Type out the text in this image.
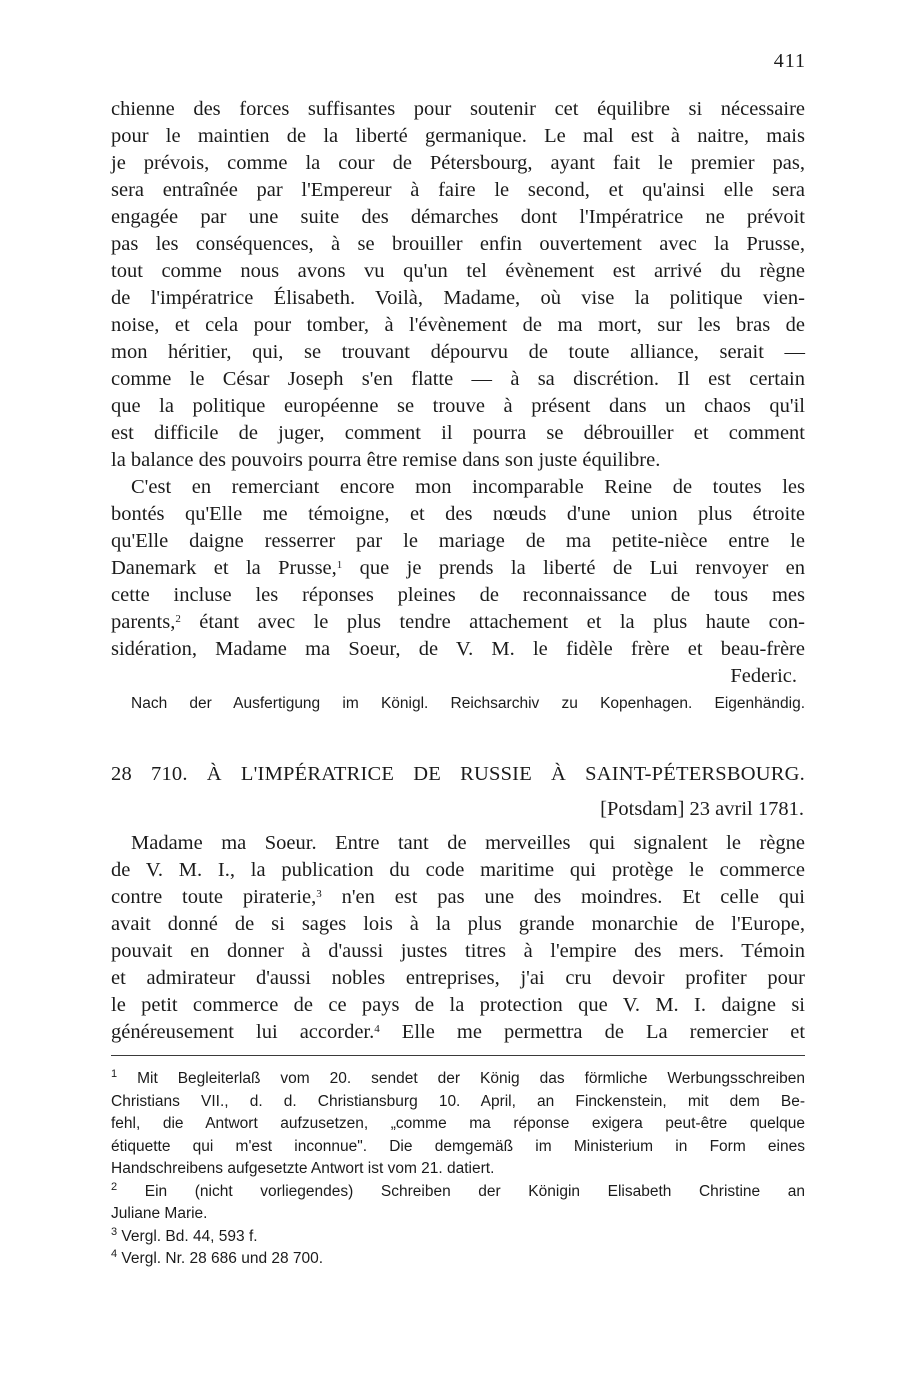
411
chienne des forces suffisantes pour soutenir cet équilibre si nécessaire
pour le maintien de la liberté germanique. Le mal est à naitre, mais
je prévois, comme la cour de Pétersbourg, ayant fait le premier pas,
sera entraînée par l'Empereur à faire le second, et qu'ainsi elle sera
engagée par une suite des démarches dont l'Impératrice ne prévoit
pas les conséquences, à se brouiller enfin ouvertement avec la Prusse,
tout comme nous avons vu qu'un tel évènement est arrivé du règne
de l'impératrice Élisabeth. Voilà, Madame, où vise la politique vien-
noise, et cela pour tomber, à l'évènement de ma mort, sur les bras de
mon héritier, qui, se trouvant dépourvu de toute alliance, serait —
comme le César Joseph s'en flatte — à sa discrétion. Il est certain
que la politique européenne se trouve à présent dans un chaos qu'il
est difficile de juger, comment il pourra se débrouiller et comment
la balance des pouvoirs pourra être remise dans son juste équilibre.
C'est en remerciant encore mon incomparable Reine de toutes les
bontés qu'Elle me témoigne, et des nœuds d'une union plus étroite
qu'Elle daigne resserrer par le mariage de ma petite-nièce entre le
Danemark et la Prusse,$^1$ que je prends la liberté de Lui renvoyer en
cette incluse les réponses pleines de reconnaissance de tous mes
parents,$^2$ étant avec le plus tendre attachement et la plus haute con-
sidération, Madame ma Soeur, de V. M. le fidèle frère et beau-frère
Federic.
Nach der Ausfertigung im Königl. Reichsarchiv zu Kopenhagen. Eigenhändig.
28 710. À L'IMPÉRATRICE DE RUSSIE À SAINT-PÉTERSBOURG.
[Potsdam] 23 avril 1781.
Madame ma Soeur. Entre tant de merveilles qui signalent le règne
de V. M. I., la publication du code maritime qui protège le commerce
contre toute piraterie,$^3$ n'en est pas une des moindres. Et celle qui
avait donné de si sages lois à la plus grande monarchie de l'Europe,
pouvait en donner à d'aussi justes titres à l'empire des mers. Témoin
et admirateur d'aussi nobles entreprises, j'ai cru devoir profiter pour
le petit commerce de ce pays de la protection que V. M. I. daigne si
généreusement lui accorder.$^4$ Elle me permettra de La remercier et
$^1$ Mit Begleiterlaß vom 20. sendet der König das förmliche Werbungsschreiben
Christians VII., d. d. Christiansburg 10. April, an Finckenstein, mit dem Be-
fehl, die Antwort aufzusetzen, „comme ma réponse exigera peut-être quelque
étiquette qui m'est inconnue". Die demgemäß im Ministerium in Form eines
Handschreibens aufgesetzte Antwort ist vom 21. datiert.
$^2$ Ein (nicht vorliegendes) Schreiben der Königin Elisabeth Christine an
Juliane Marie.
$^3$ Vergl. Bd. 44, 593 f.
$^4$ Vergl. Nr. 28 686 und 28 700.
